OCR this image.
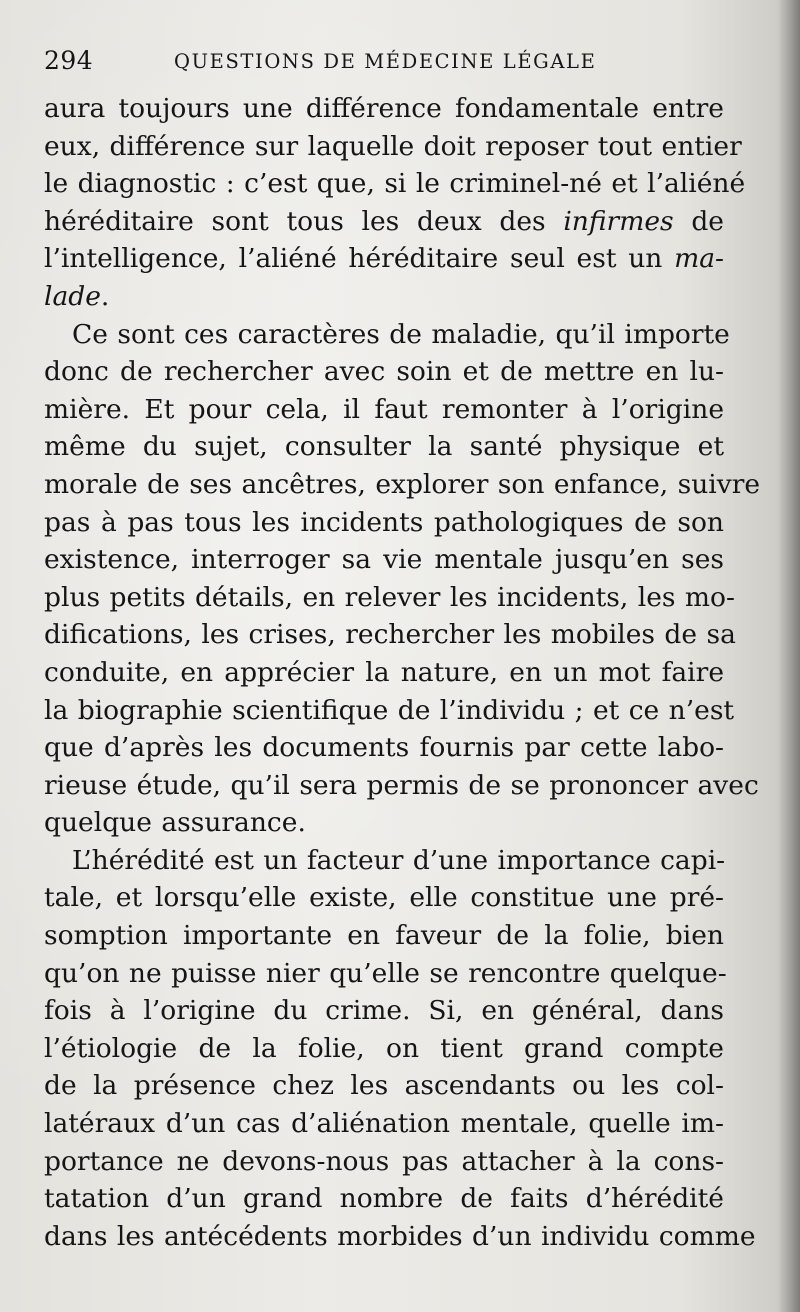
294	QUESTIONS DE MÉDECINE LÉGALE
aura toujours une différence fondamentale entre
eux, différence sur laquelle doit reposer tout entier
le diagnostic : c’est que, si le criminel-né et l’aliéné
héréditaire sont tous les deux des infirmes de
l’intelligence, l’aliéné héréditaire seul est un ma-
lade.
Ce sont ces caractères de maladie, qu’il importe
donc de rechercher avec soin et de mettre en lu-
mière. Et pour cela, il faut remonter à l’origine
même du sujet, consulter la santé physique et
morale de ses ancêtres, explorer son enfance, suivre
pas à pas tous les incidents pathologiques de son
existence, interroger sa vie mentale jusqu’en ses
plus petits détails, en relever les incidents, les mo-
difications, les crises, rechercher les mobiles de sa
conduite, en apprécier la nature, en un mot faire
la biographie scientifique de l’individu ; et ce n’est
que d’après les documents fournis par cette labo-
rieuse étude, qu’il sera permis de se prononcer avec
quelque assurance.
L’hérédité est un facteur d’une importance capi-
tale, et lorsqu’elle existe, elle constitue une pré-
somption importante en faveur de la folie, bien
qu’on ne puisse nier qu’elle se rencontre quelque-
fois à l’origine du crime. Si, en général, dans
l’étiologie de la folie, on tient grand compte
de la présence chez les ascendants ou les col-
latéraux d’un cas d’aliénation mentale, quelle im-
portance ne devons-nous pas attacher à la cons-
tatation d’un grand nombre de faits d’hérédité
dans les antécédents morbides d’un individu comme
